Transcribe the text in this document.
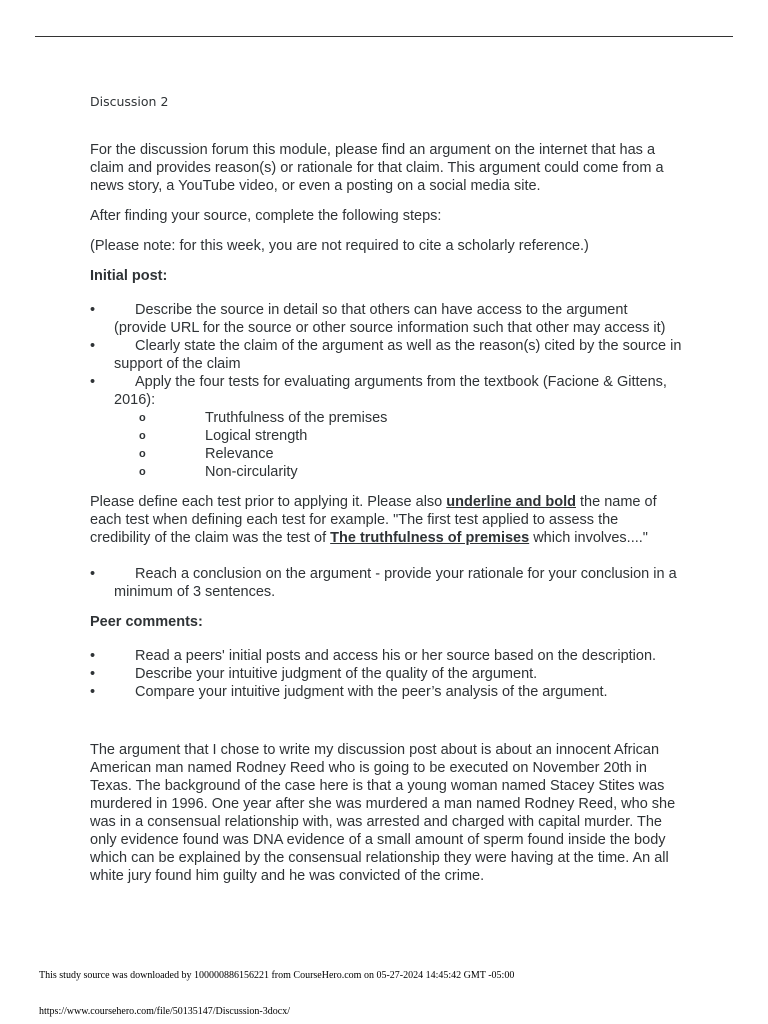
Discussion 2

For the discussion forum this module, please find an argument on the internet that has a claim and provides reason(s) or rationale for that claim. This argument could come from a news story, a YouTube video, or even a posting on a social media site.

After finding your source, complete the following steps:

(Please note: for this week, you are not required to cite a scholarly reference.)

Initial post:

• Describe the source in detail so that others can have access to the argument (provide URL for the source or other source information such that other may access it)
• Clearly state the claim of the argument as well as the reason(s) cited by the source in support of the claim
• Apply the four tests for evaluating arguments from the textbook (Facione & Gittens, 2016):
o Truthfulness of the premises
o Logical strength
o Relevance
o Non-circularity

Please define each test prior to applying it. Please also underline and bold the name of each test when defining each test for example. "The first test applied to assess the credibility of the claim was the test of The truthfulness of premises which involves...."

• Reach a conclusion on the argument - provide your rationale for your conclusion in a minimum of 3 sentences.

Peer comments:

• Read a peers' initial posts and access his or her source based on the description.
• Describe your intuitive judgment of the quality of the argument.
• Compare your intuitive judgment with the peer’s analysis of the argument.

The argument that I chose to write my discussion post about is about an innocent African American man named Rodney Reed who is going to be executed on November 20th in Texas. The background of the case here is that a young woman named Stacey Stites was murdered in 1996. One year after she was murdered a man named Rodney Reed, who she was in a consensual relationship with, was arrested and charged with capital murder. The only evidence found was DNA evidence of a small amount of sperm found inside the body which can be explained by the consensual relationship they were having at the time. An all white jury found him guilty and he was convicted of the crime.

This study source was downloaded by 100000886156221 from CourseHero.com on 05-27-2024 14:45:42 GMT -05:00
https://www.coursehero.com/file/50135147/Discussion-3docx/
